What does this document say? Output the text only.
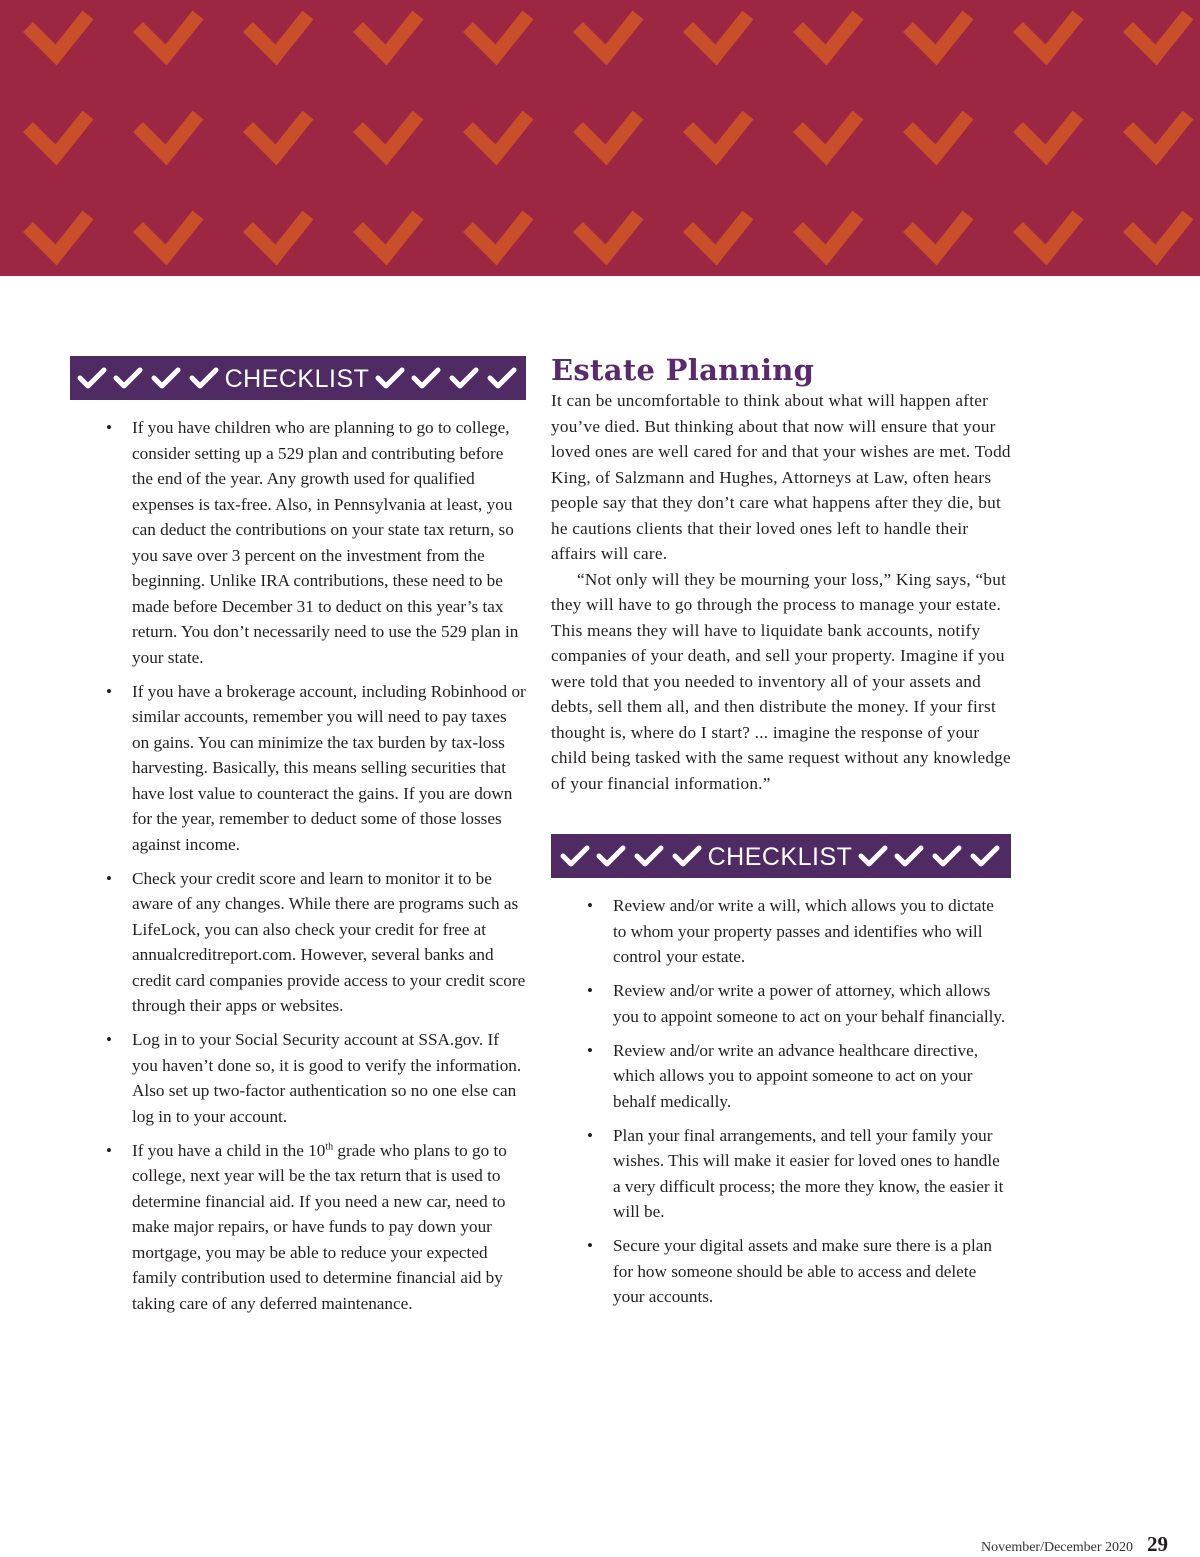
CHECKLIST
• If you have children who are planning to go to college, consider setting up a 529 plan and contributing before the end of the year. Any growth used for qualified expenses is tax-free. Also, in Pennsylvania at least, you can deduct the contributions on your state tax return, so you save over 3 percent on the investment from the beginning. Unlike IRA contributions, these need to be made before December 31 to deduct on this year’s tax return. You don’t necessarily need to use the 529 plan in your state.
• If you have a brokerage account, including Robinhood or similar accounts, remember you will need to pay taxes on gains. You can minimize the tax burden by tax-loss harvesting. Basically, this means selling securities that have lost value to counteract the gains. If you are down for the year, remember to deduct some of those losses against income.
• Check your credit score and learn to monitor it to be aware of any changes. While there are programs such as LifeLock, you can also check your credit for free at annualcreditreport.com. However, several banks and credit card companies provide access to your credit score through their apps or websites.
• Log in to your Social Security account at SSA.gov. If you haven’t done so, it is good to verify the information. Also set up two-factor authentication so no one else can log in to your account.
• If you have a child in the 10th grade who plans to go to college, next year will be the tax return that is used to determine financial aid. If you need a new car, need to make major repairs, or have funds to pay down your mortgage, you may be able to reduce your expected family contribution used to determine financial aid by taking care of any deferred maintenance.
Estate Planning

It can be uncomfortable to think about what will happen after you’ve died. But thinking about that now will ensure that your loved ones are well cared for and that your wishes are met. Todd King, of Salzmann and Hughes, Attorneys at Law, often hears people say that they don’t care what happens after they die, but he cautions clients that their loved ones left to handle their affairs will care.

“Not only will they be mourning your loss,” King says, “but they will have to go through the process to manage your estate. This means they will have to liquidate bank accounts, notify companies of your death, and sell your property. Imagine if you were told that you needed to inventory all of your assets and debts, sell them all, and then distribute the money. If your first thought is, where do I start? ... imagine the response of your child being tasked with the same request without any knowledge of your financial information.”

CHECKLIST
• Review and/or write a will, which allows you to dictate to whom your property passes and identifies who will control your estate.
• Review and/or write a power of attorney, which allows you to appoint someone to act on your behalf financially.
• Review and/or write an advance healthcare directive, which allows you to appoint someone to act on your behalf medically.
• Plan your final arrangements, and tell your family your wishes. This will make it easier for loved ones to handle a very difficult process; the more they know, the easier it will be.
• Secure your digital assets and make sure there is a plan for how someone should be able to access and delete your accounts.
November/December 2020 29
